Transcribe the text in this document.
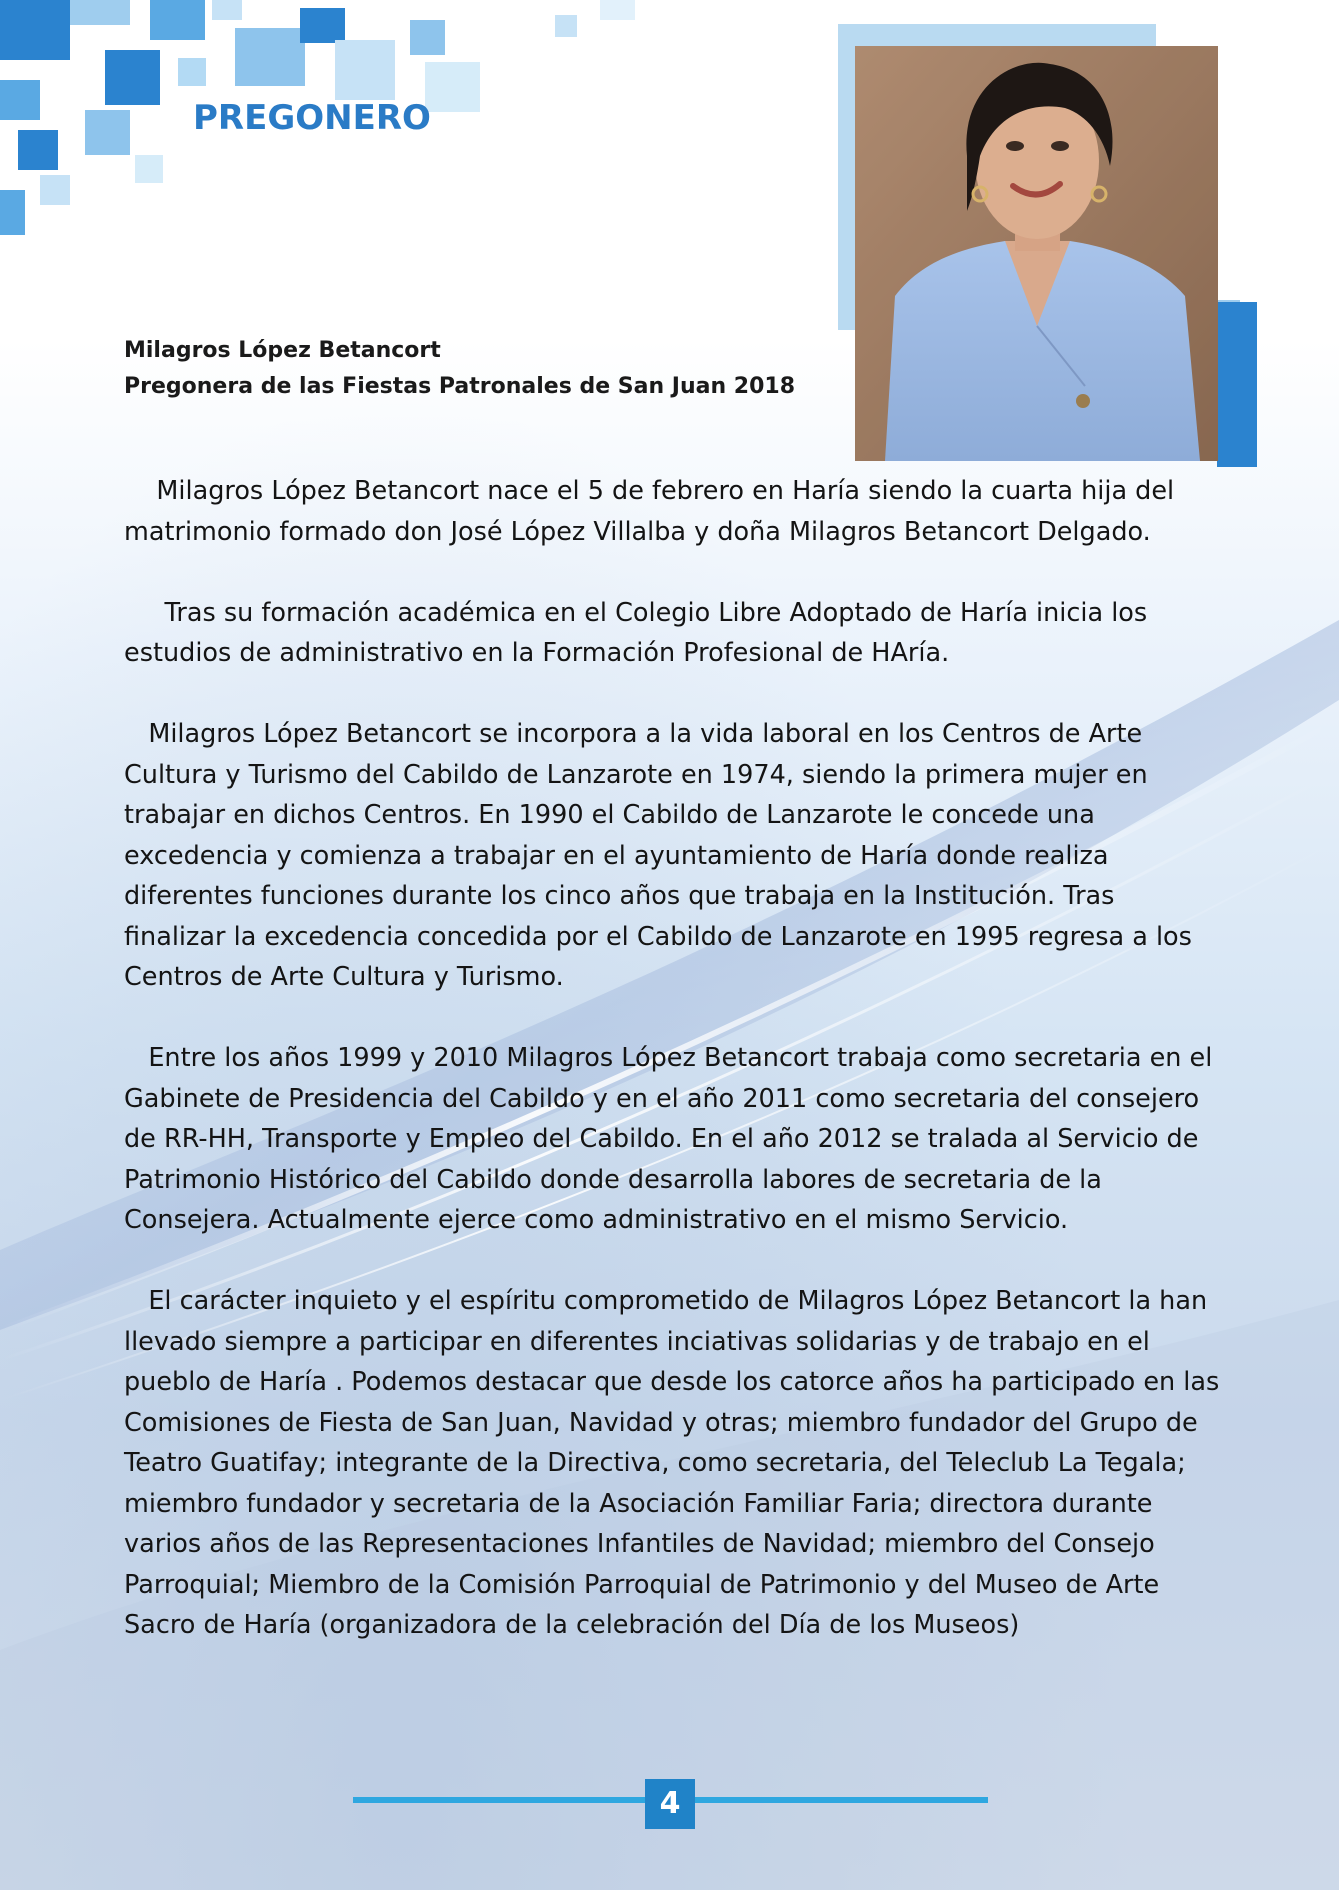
PREGONERO
Milagros López Betancort
Pregonera de las Fiestas Patronales de San Juan 2018

Milagros López Betancort nace el 5 de febrero en Haría siendo la cuarta hija del matrimonio formado don José López Villalba y doña Milagros Betancort Delgado.

Tras su formación académica en el Colegio Libre Adoptado de Haría inicia los estudios de administrativo en la Formación Profesional de HAría.

Milagros López Betancort se incorpora a la vida laboral en los Centros de Arte Cultura y Turismo del Cabildo de Lanzarote en 1974, siendo la primera mujer en trabajar en dichos Centros. En 1990 el Cabildo de Lanzarote le concede una excedencia y comienza a trabajar en el ayuntamiento de Haría donde realiza diferentes funciones durante los cinco años que trabaja en la Institución. Tras finalizar la excedencia concedida por el Cabildo de Lanzarote en 1995 regresa a los Centros de Arte Cultura y Turismo.

Entre los años 1999 y 2010 Milagros López Betancort trabaja como secretaria en el Gabinete de Presidencia del Cabildo y en el año 2011 como secretaria del consejero de RR-HH, Transporte y Empleo del Cabildo. En el año 2012 se tralada al Servicio de Patrimonio Histórico del Cabildo donde desarrolla labores de secretaria de la Consejera. Actualmente ejerce como administrativo en el mismo Servicio.

El carácter inquieto y el espíritu comprometido de Milagros López Betancort la han llevado siempre a participar en diferentes inciativas solidarias y de trabajo en el pueblo de Haría . Podemos destacar que desde los catorce años ha participado en las Comisiones de Fiesta de San Juan, Navidad y otras; miembro fundador del Grupo de Teatro Guatifay; integrante de la Directiva, como secretaria, del Teleclub La Tegala; miembro fundador y secretaria de la Asociación Familiar Faria; directora durante varios años de las Representaciones Infantiles de Navidad; miembro del Consejo Parroquial; Miembro de la Comisión Parroquial de Patrimonio y del Museo de Arte Sacro de Haría (organizadora de la celebración del Día de los Museos)

4
